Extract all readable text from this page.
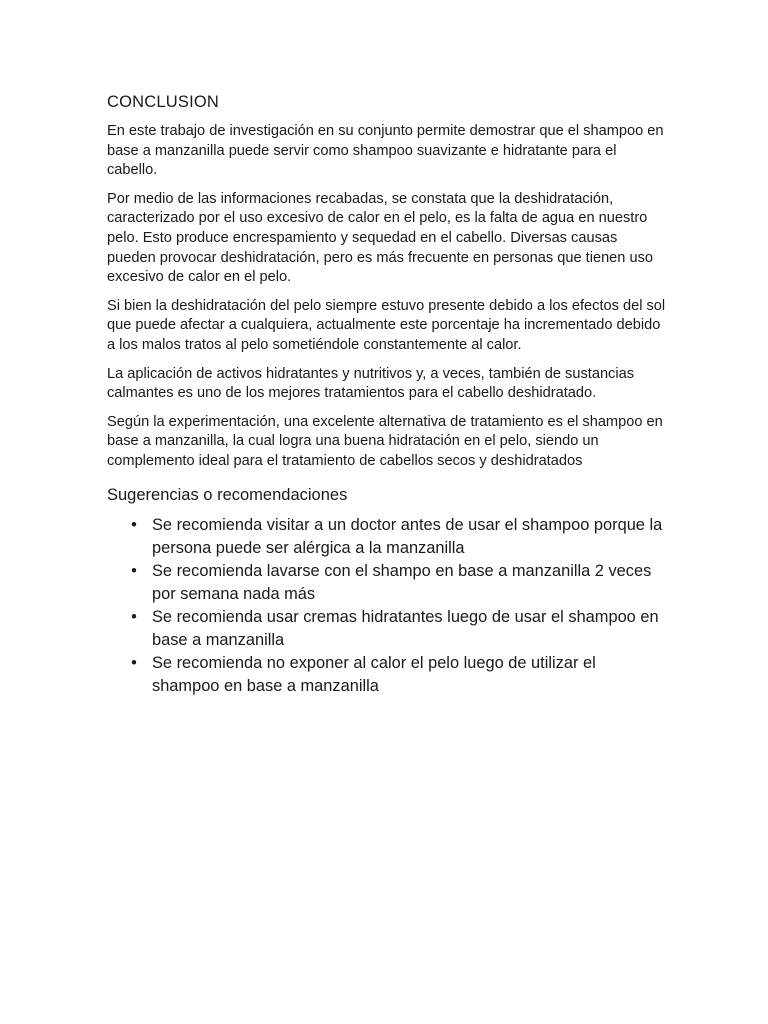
CONCLUSION

En este trabajo de investigación en su conjunto permite demostrar que el shampoo en base a manzanilla puede servir como shampoo suavizante e hidratante para el cabello.

Por medio de las informaciones recabadas, se constata que la deshidratación, caracterizado por el uso excesivo de calor en el pelo, es la falta de agua en nuestro pelo. Esto produce encrespamiento y sequedad en el cabello. Diversas causas pueden provocar deshidratación, pero es más frecuente en personas que tienen uso excesivo de calor en el pelo.

Si bien la deshidratación del pelo siempre estuvo presente debido a los efectos del sol que puede afectar a cualquiera, actualmente este porcentaje ha incrementado debido a los malos tratos al pelo sometiéndole constantemente al calor.

La aplicación de activos hidratantes y nutritivos y, a veces, también de sustancias calmantes es uno de los mejores tratamientos para el cabello deshidratado.

Según la experimentación, una excelente alternativa de tratamiento es el shampoo en base a manzanilla, la cual logra una buena hidratación en el pelo, siendo un complemento ideal para el tratamiento de cabellos secos y deshidratados

Sugerencias o recomendaciones
• Se recomienda visitar a un doctor antes de usar el shampoo porque la persona puede ser alérgica a la manzanilla
• Se recomienda lavarse con el shampo en base a manzanilla 2 veces por semana nada más
• Se recomienda usar cremas hidratantes luego de usar el shampoo en base a manzanilla
• Se recomienda no exponer al calor el pelo luego de utilizar el shampoo en base a manzanilla
